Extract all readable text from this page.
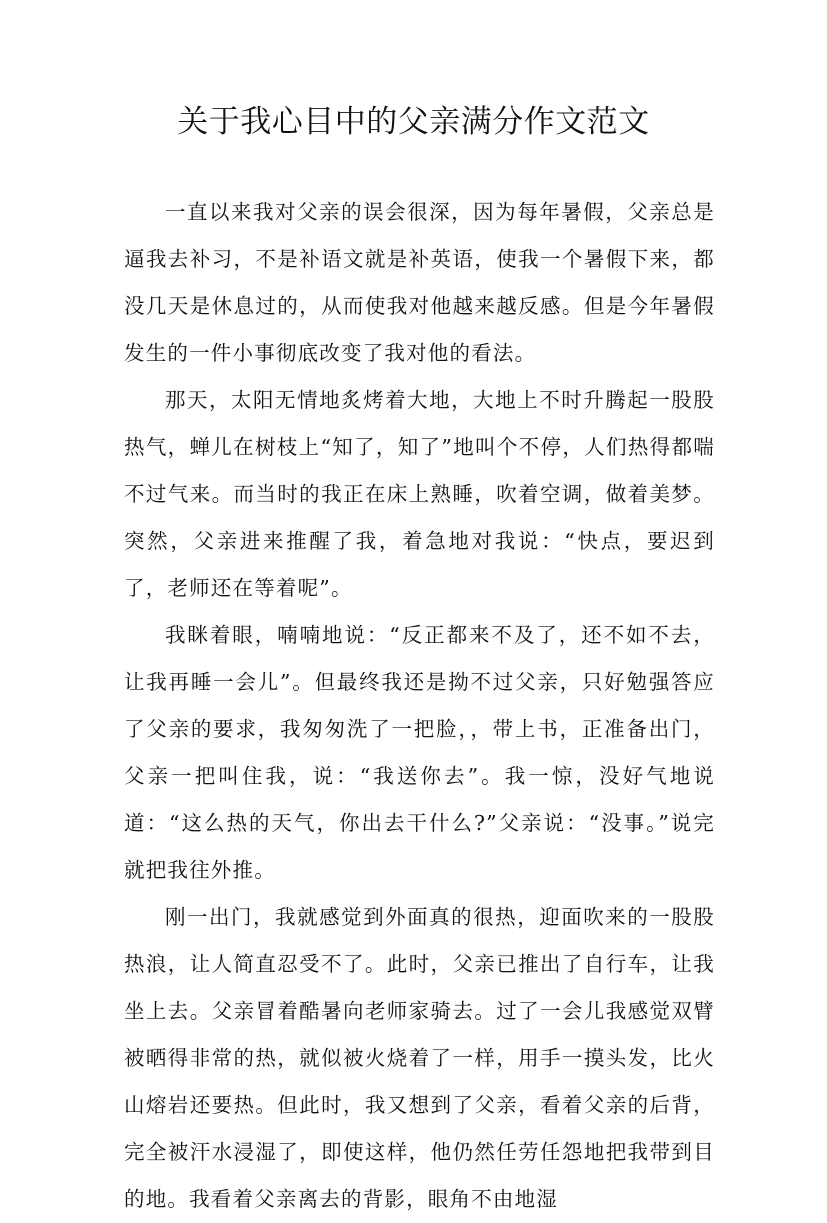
关于我心目中的父亲满分作文范文

一直以来我对父亲的误会很深，因为每年暑假，父亲总是逼我去补习，不是补语文就是补英语，使我一个暑假下来，都没几天是休息过的，从而使我对他越来越反感。但是今年暑假发生的一件小事彻底改变了我对他的看法。

那天，太阳无情地炙烤着大地，大地上不时升腾起一股股热气，蝉儿在树枝上“知了，知了”地叫个不停，人们热得都喘不过气来。而当时的我正在床上熟睡，吹着空调，做着美梦。突然，父亲进来推醒了我，着急地对我说：“快点，要迟到了，老师还在等着呢”。

我眯着眼，喃喃地说：“反正都来不及了，还不如不去，让我再睡一会儿”。但最终我还是拗不过父亲，只好勉强答应了父亲的要求，我匆匆洗了一把脸，，带上书，正准备出门，父亲一把叫住我，说：“我送你去”。我一惊，没好气地说道：“这么热的天气，你出去干什么?”父亲说：“没事。”说完就把我往外推。

刚一出门，我就感觉到外面真的很热，迎面吹来的一股股热浪，让人简直忍受不了。此时，父亲已推出了自行车，让我坐上去。父亲冒着酷暑向老师家骑去。过了一会儿我感觉双臂被晒得非常的热，就似被火烧着了一样，用手一摸头发，比火山熔岩还要热。但此时，我又想到了父亲，看着父亲的后背，完全被汗水浸湿了，即使这样，他仍然任劳任怨地把我带到目的地。我看着父亲离去的背影，眼角不由地湿
